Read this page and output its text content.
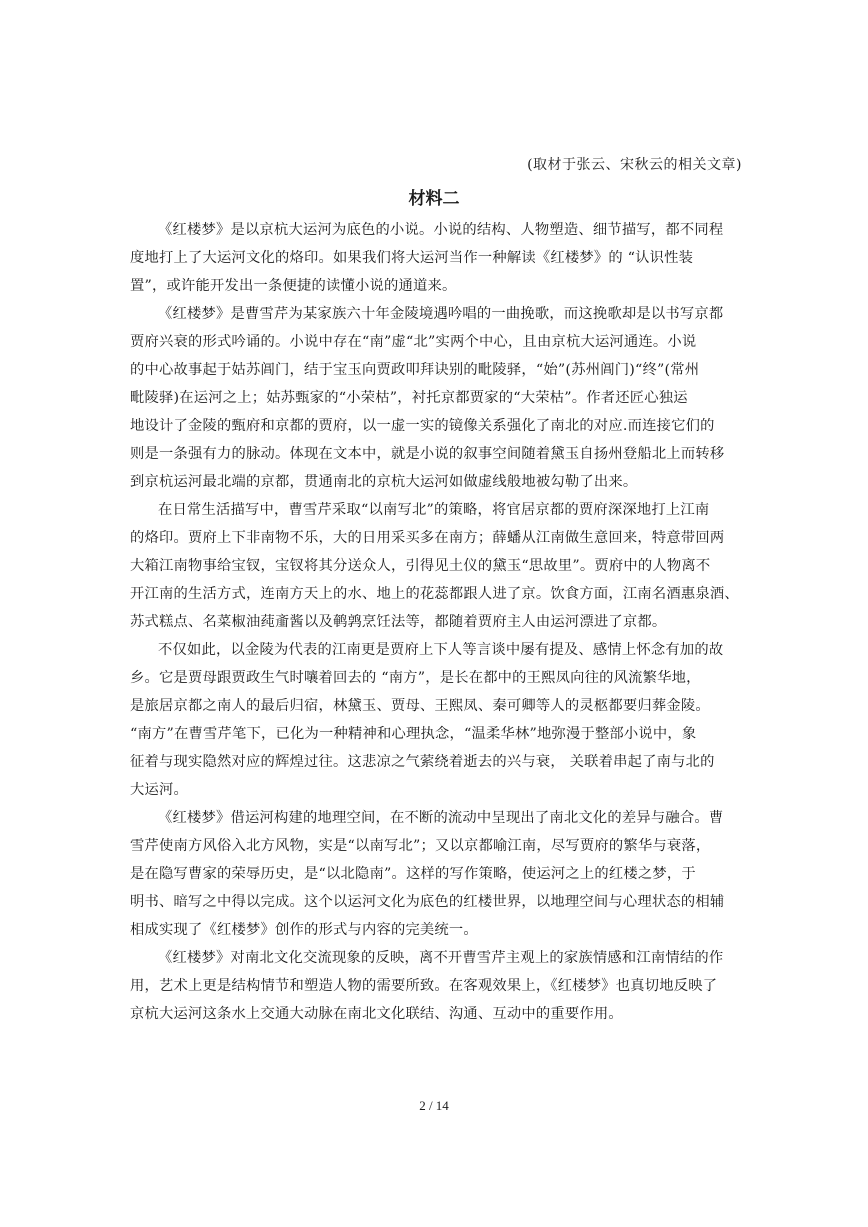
(取材于张云、宋秋云的相关文章)
材料二
《红楼梦》是以京杭大运河为底色的小说。小说的结构、人物塑造、细节描写，都不同程
度地打上了大运河文化的烙印。如果我们将大运河当作一种解读《红楼梦》的 “认识性装
置”，或许能开发出一条便捷的读懂小说的通道来。
《红楼梦》是曹雪芹为某家族六十年金陵境遇吟唱的一曲挽歌，而这挽歌却是以书写京都
贾府兴衰的形式吟诵的。小说中存在“南”虚“北”实两个中心，且由京杭大运河通连。小说
的中心故事起于姑苏阊门，结于宝玉向贾政叩拜诀别的毗陵驿，“始”(苏州阊门)“终”(常州
毗陵驿)在运河之上；姑苏甄家的“小荣枯”，衬托京都贾家的“大荣枯”。作者还匠心独运
地设计了金陵的甄府和京都的贾府，以一虚一实的镜像关系强化了南北的对应.而连接它们的
则是一条强有力的脉动。体现在文本中，就是小说的叙事空间随着黛玉自扬州登船北上而转移
到京杭运河最北端的京都，贯通南北的京杭大运河如做虚线般地被勾勒了出来。
在日常生活描写中，曹雪芹采取“以南写北”的策略，将官居京都的贾府深深地打上江南
的烙印。贾府上下非南物不乐，大的日用采买多在南方；薛蟠从江南做生意回来，特意带回两
大箱江南物事给宝钗，宝钗将其分送众人，引得见土仪的黛玉“思故里”。贾府中的人物离不
开江南的生活方式，连南方天上的水、地上的花蕊都跟人进了京。饮食方面，江南名酒惠泉酒、
苏式糕点、名菜椒油莼齑酱以及鹌鹑烹饪法等，都随着贾府主人由运河漂进了京都。
不仅如此，以金陵为代表的江南更是贾府上下人等言谈中屡有提及、感情上怀念有加的故
乡。它是贾母跟贾政生气时嚷着回去的 “南方”，是长在都中的王熙凤向往的风流繁华地，
是旅居京都之南人的最后归宿，林黛玉、贾母、王熙凤、秦可卿等人的灵柩都要归葬金陵。
“南方”在曹雪芹笔下，已化为一种精神和心理执念，“温柔华林”地弥漫于整部小说中，象
征着与现实隐然对应的辉煌过往。这悲凉之气萦绕着逝去的兴与衰， 关联着串起了南与北的
大运河。
《红楼梦》借运河构建的地理空间，在不断的流动中呈现出了南北文化的差异与融合。曹
雪芹使南方风俗入北方风物，实是“以南写北”；又以京都喻江南，尽写贾府的繁华与衰落，
是在隐写曹家的荣辱历史，是“以北隐南”。这样的写作策略，使运河之上的红楼之梦，于
明书、暗写之中得以完成。这个以运河文化为底色的红楼世界，以地理空间与心理状态的相辅
相成实现了《红楼梦》创作的形式与内容的完美统一。
《红楼梦》对南北文化交流现象的反映，离不开曹雪芹主观上的家族情感和江南情结的作
用，艺术上更是结构情节和塑造人物的需要所致。在客观效果上，《红楼梦》也真切地反映了
京杭大运河这条水上交通大动脉在南北文化联结、沟通、互动中的重要作用。
2 / 14
